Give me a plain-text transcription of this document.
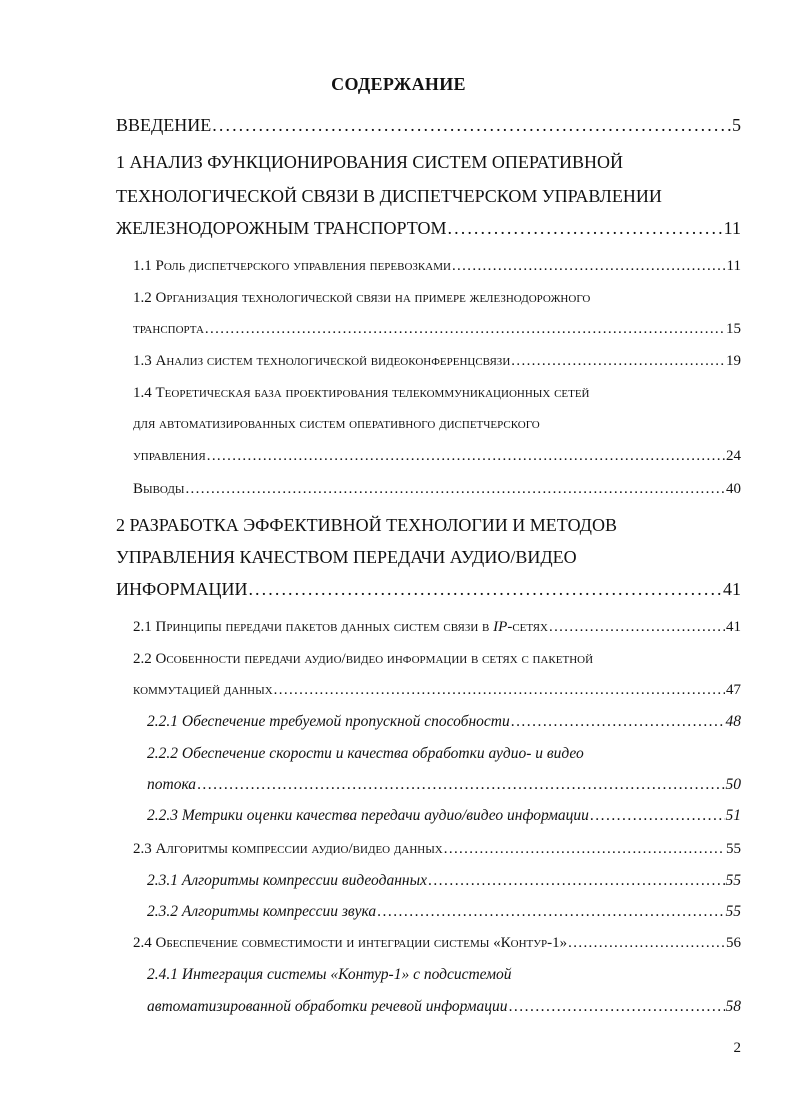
СОДЕРЖАНИЕ
ВВЕДЕНИЕ . . .	5
1 АНАЛИЗ ФУНКЦИОНИРОВАНИЯ СИСТЕМ ОПЕРАТИВНОЙ
ТЕХНОЛОГИЧЕСКОЙ СВЯЗИ В ДИСПЕТЧЕРСКОМ УПРАВЛЕНИИ
ЖЕЛЕЗНОДОРОЖНЫМ ТРАНСПОРТОМ . . .	11
1.1 Роль диспетчерского управления перевозками . . .	11
1.2 Организация технологической связи на примере железнодорожного
транспорта . . .	15
1.3 Анализ систем технологической видеоконференцсвязи . . .	19
1.4 Теоретическая база проектирования телекоммуникационных сетей
для автоматизированных систем оперативного диспетчерского
управления . . .	24
Выводы . . .	40
2 РАЗРАБОТКА ЭФФЕКТИВНОЙ ТЕХНОЛОГИИ И МЕТОДОВ
УПРАВЛЕНИЯ КАЧЕСТВОМ ПЕРЕДАЧИ АУДИО/ВИДЕО
ИНФОРМАЦИИ . . .	41
2.1 Принципы передачи пакетов данных систем связи в IP-сетях . . .	41
2.2 Особенности передачи аудио/видео информации в сетях с пакетной
коммутацией данных . . .	47
2.2.1 Обеспечение требуемой пропускной способности . . .	48
2.2.2 Обеспечение скорости и качества обработки аудио- и видео
потока . . .	50
2.2.3 Метрики оценки качества передачи аудио/видео информации . . .	51
2.3 Алгоритмы компрессии аудио/видео данных . . .	55
2.3.1 Алгоритмы компрессии видеоданных . . .	55
2.3.2 Алгоритмы компрессии звука . . .	55
2.4 Обеспечение совместимости и интеграции системы «Контур-1» . . .	56
2.4.1 Интеграция системы «Контур-1» с подсистемой
автоматизированной обработки речевой информации . . .	58
2
